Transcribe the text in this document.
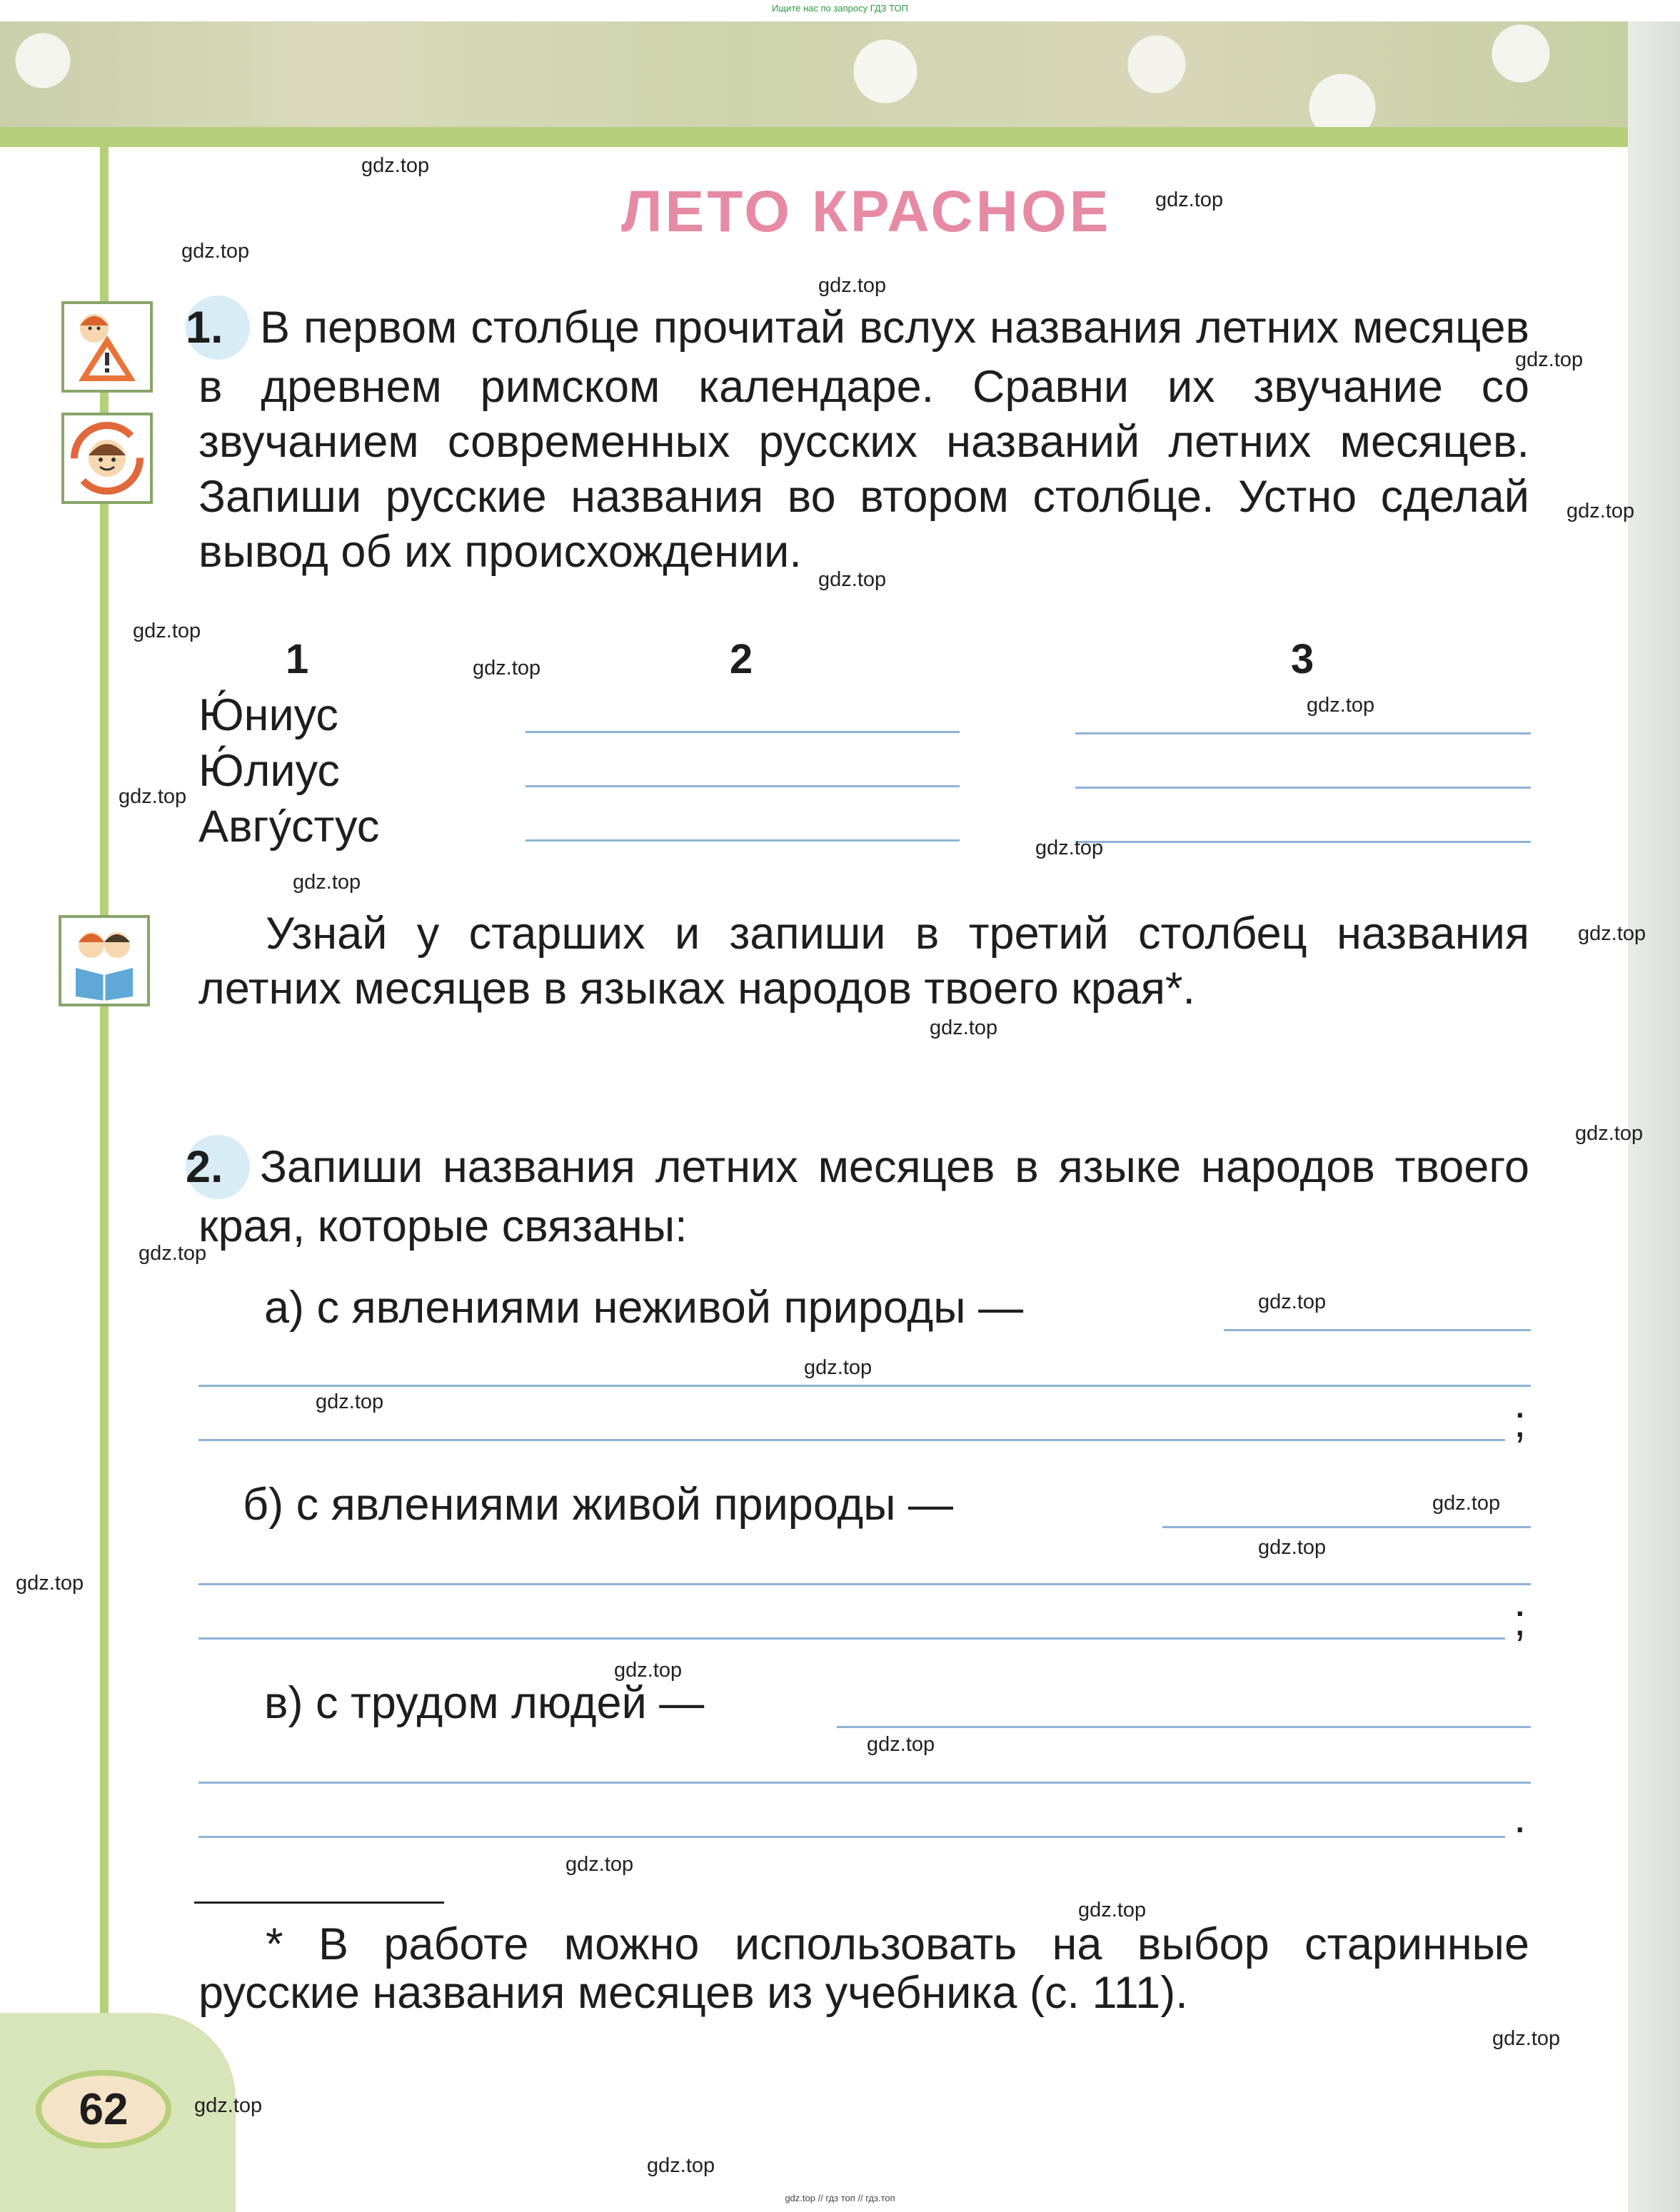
Ищите нас по запросу ГДЗ ТОП
62
ЛЕТО КРАСНОЕ
1. В первом столбце прочитай вслух названия летних месяцев в древнем римском календаре. Сравни их звучание со звучанием современных русских названий летних месяцев. Запиши русские названия во втором столбце. Устно сделай вывод об их происхождении.
1	2	3
Ю́ниус
Ю́лиус
Авгу́стус
Узнай у старших и запиши в третий столбец названия летних месяцев в языках народов твоего края*.
2. Запиши названия летних месяцев в языке народов твоего края, которые связаны:
а) с явлениями неживой природы —
;
б) с явлениями живой природы —
;
в) с трудом людей —
.
* В работе можно использовать на выбор старинные русские названия месяцев из учебника (с. 111).
gdz.top
gdz.top
gdz.top
gdz.top
gdz.top
gdz.top
gdz.top
gdz.top
gdz.top
gdz.top
gdz.top
gdz.top
gdz.top
gdz.top
gdz.top
gdz.top
gdz.top
gdz.top
gdz.top
gdz.top
gdz.top
gdz.top
gdz.top
gdz.top
gdz.top
gdz.top
gdz.top
gdz.top
gdz.top
gdz.top
gdz.top // гдз топ // гдз.топ
